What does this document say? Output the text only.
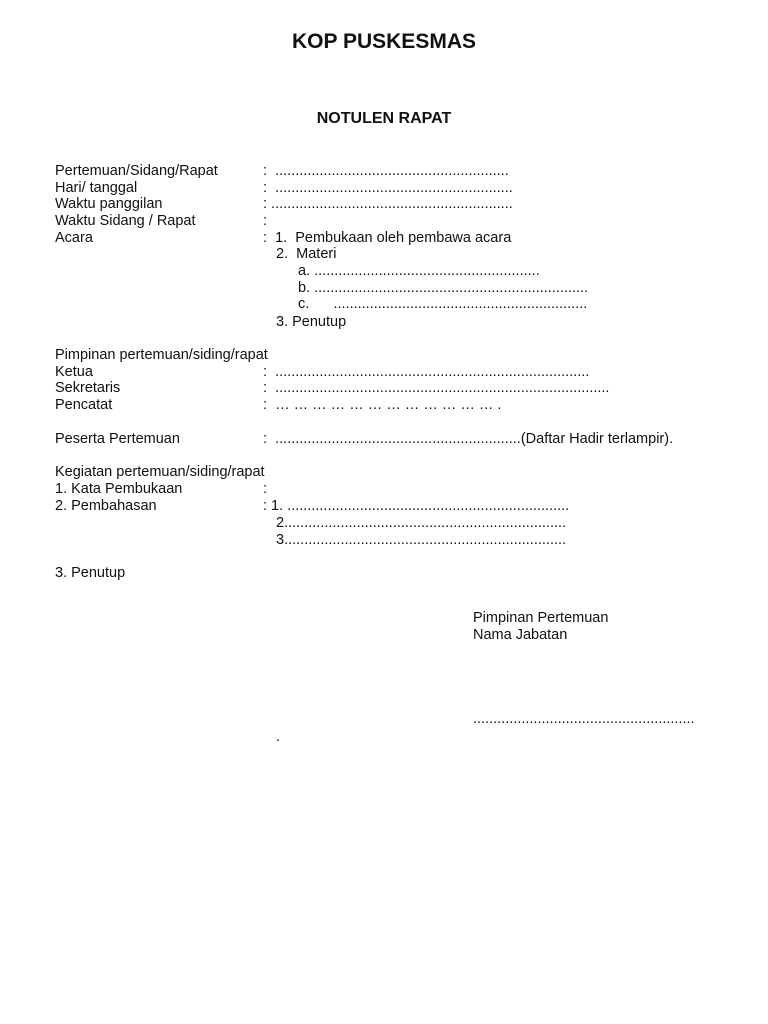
KOP PUSKESMAS
NOTULEN RAPAT
Pertemuan/Sidang/Rapat	:  ..........................................................
Hari/ tanggal	:  ...........................................................
Waktu panggilan	: ............................................................
Waktu Sidang / Rapat	:
Acara	:  1.  Pembukaan oleh pembawa acara
2.  Materi
a. ........................................................
b. ....................................................................
c.      ...............................................................
3. Penutup
Pimpinan pertemuan/siding/rapat
Ketua	:  ..............................................................................
Sekretaris	:  ...................................................................................
Pencatat	:  … … … … … … … … … … … … .
Peserta Pertemuan	:  .............................................................(Daftar Hadir terlampir).
Kegiatan pertemuan/siding/rapat
1. Kata Pembukaan	:
2. Pembahasan	: 1. ......................................................................
2......................................................................
3......................................................................
3. Penutup
Pimpinan Pertemuan
Nama Jabatan
.......................................................
.
